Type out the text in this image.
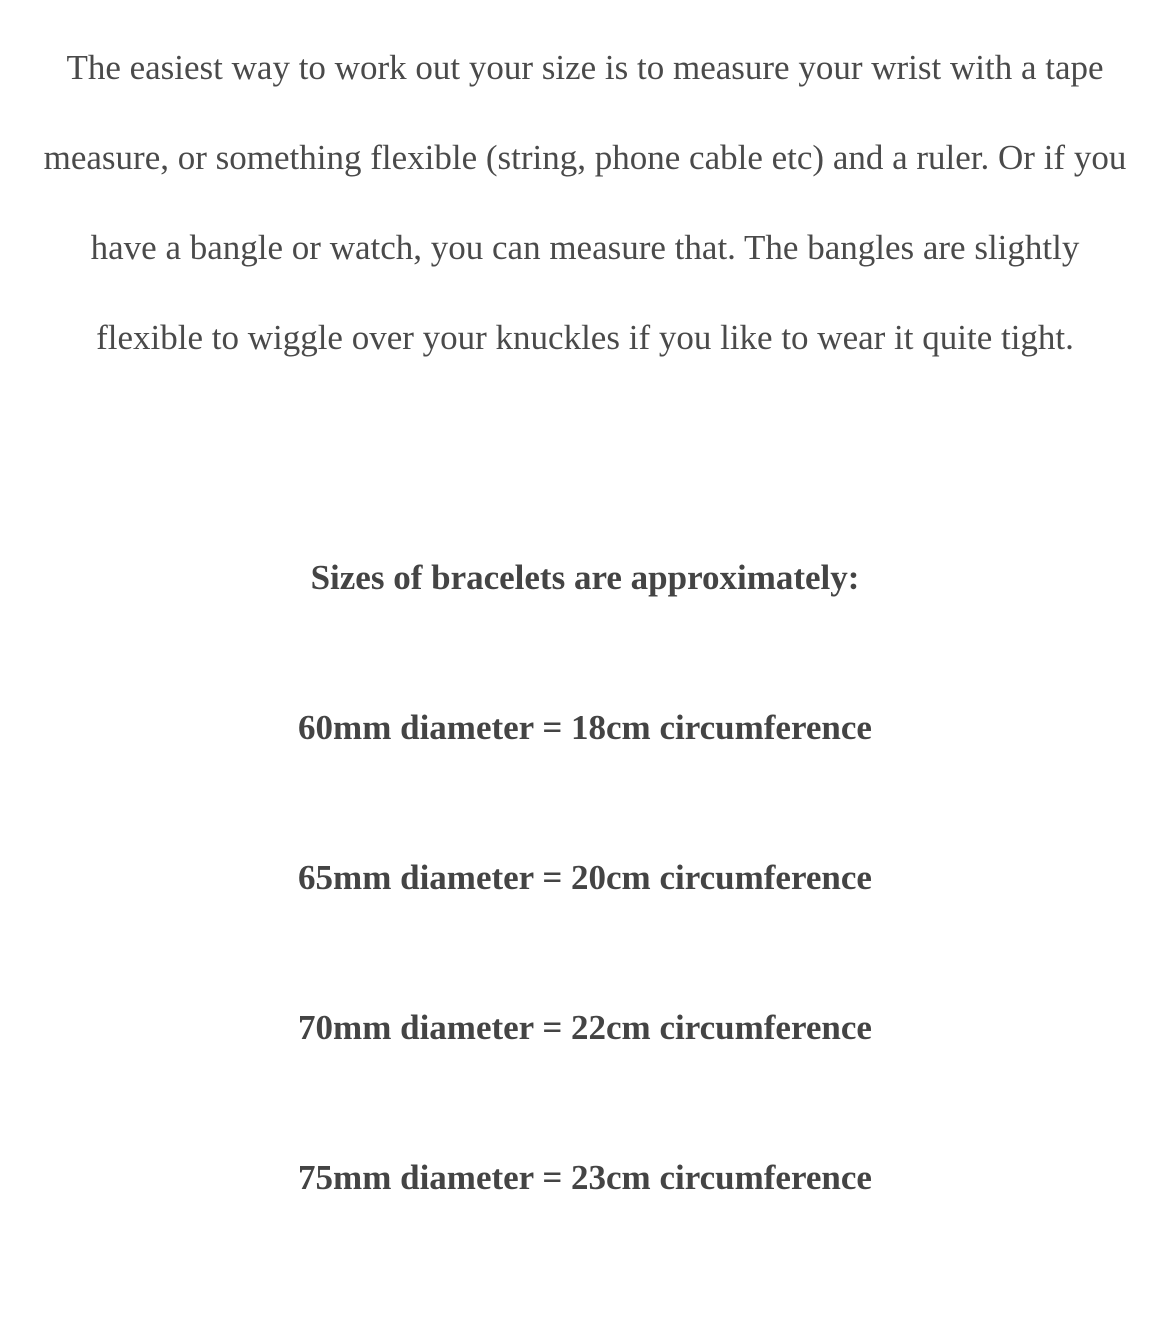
The easiest way to work out your size is to measure your wrist with a tape measure, or something flexible (string, phone cable etc) and a ruler. Or if you have a bangle or watch, you can measure that. The bangles are slightly flexible to wiggle over your knuckles if you like to wear it quite tight.

Sizes of bracelets are approximately:
60mm diameter = 18cm circumference
65mm diameter = 20cm circumference
70mm diameter = 22cm circumference
75mm diameter = 23cm circumference
